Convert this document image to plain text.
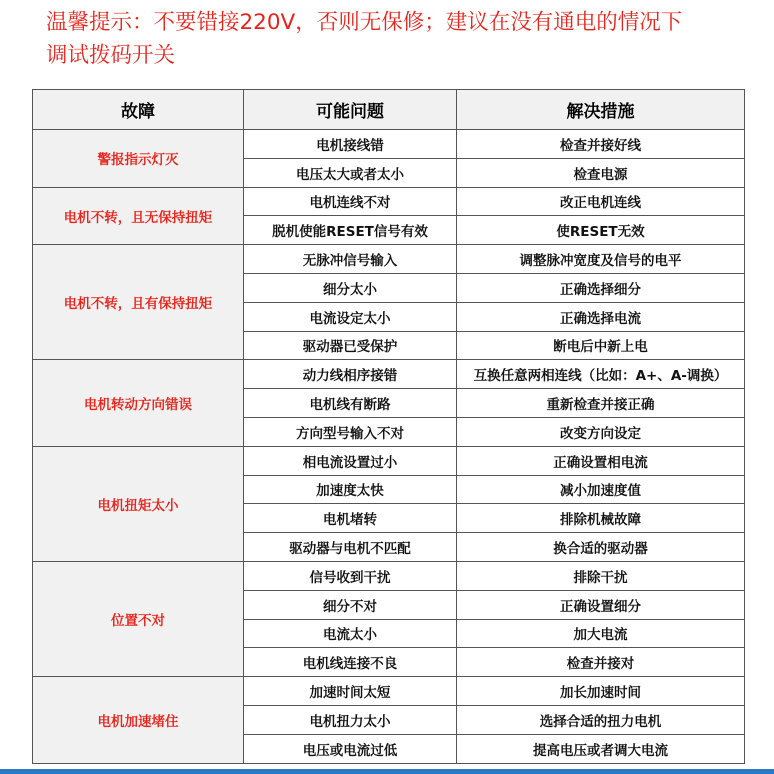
温馨提示：不要错接220V，否则无保修；建议在没有通电的情况下
调试拨码开关
故障	可能问题	解决措施
警报指示灯灭	电机接线错	检查并接好线
	电压太大或者太小	检查电源
电机不转，且无保持扭矩	电机连线不对	改正电机连线
	脱机使能RESET信号有效	使RESET无效
电机不转，且有保持扭矩	无脉冲信号输入	调整脉冲宽度及信号的电平
	细分太小	正确选择细分
	电流设定太小	正确选择电流
	驱动器已受保护	断电后中新上电
电机转动方向错误	动力线相序接错	互换任意两相连线（比如：A+、A-调换）
	电机线有断路	重新检查并接正确
	方向型号输入不对	改变方向设定
电机扭矩太小	相电流设置过小	正确设置相电流
	加速度太快	减小加速度值
	电机堵转	排除机械故障
	驱动器与电机不匹配	换合适的驱动器
位置不对	信号收到干扰	排除干扰
	细分不对	正确设置细分
	电流太小	加大电流
	电机线连接不良	检查并接对
电机加速堵住	加速时间太短	加长加速时间
	电机扭力太小	选择合适的扭力电机
	电压或电流过低	提高电压或者调大电流
